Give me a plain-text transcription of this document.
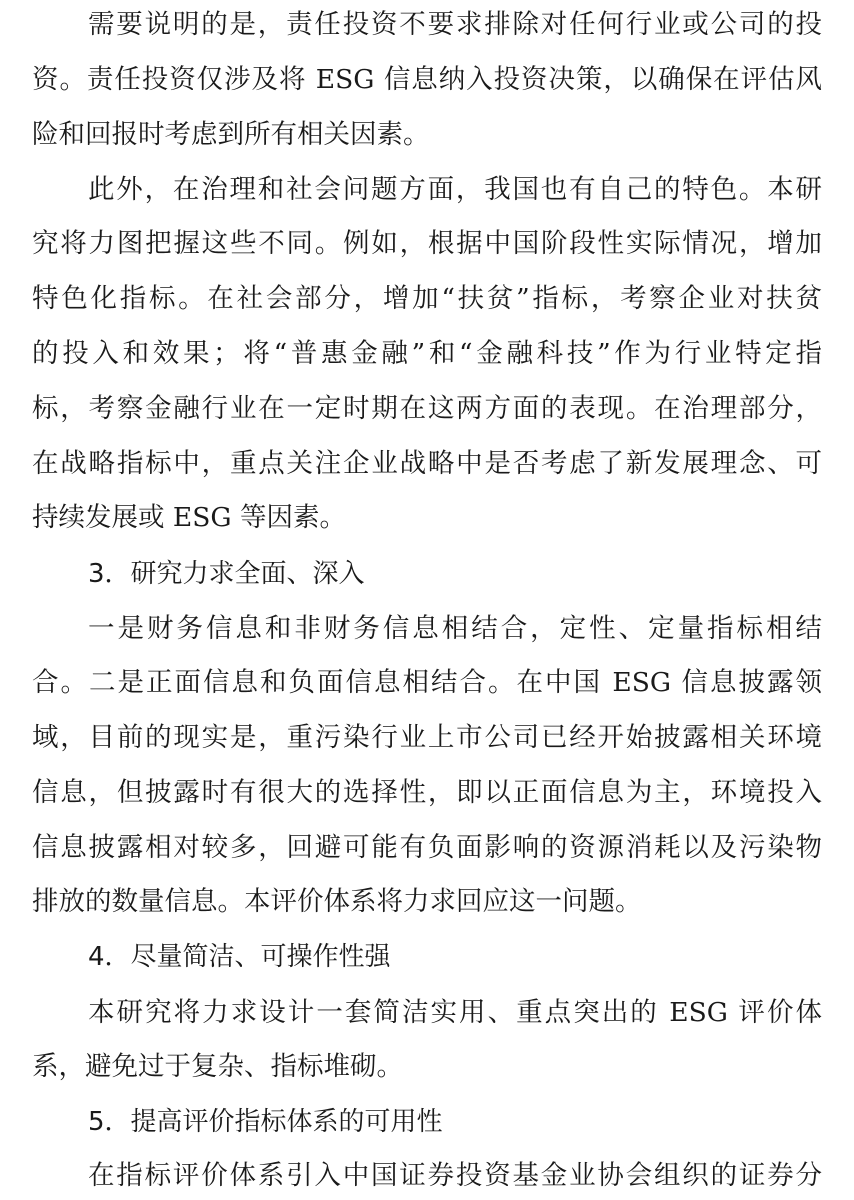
需要说明的是，责任投资不要求排除对任何行业或公司的投
资。责任投资仅涉及将 ESG 信息纳入投资决策，以确保在评估风
险和回报时考虑到所有相关因素。
此外，在治理和社会问题方面，我国也有自己的特色。本研
究将力图把握这些不同。例如，根据中国阶段性实际情况，增加
特色化指标。在社会部分，增加“扶贫”指标，考察企业对扶贫
的投入和效果；将“普惠金融”和“金融科技”作为行业特定指
标，考察金融行业在一定时期在这两方面的表现。在治理部分，
在战略指标中，重点关注企业战略中是否考虑了新发展理念、可
持续发展或 ESG 等因素。
3．研究力求全面、深入
一是财务信息和非财务信息相结合，定性、定量指标相结
合。二是正面信息和负面信息相结合。在中国 ESG 信息披露领
域，目前的现实是，重污染行业上市公司已经开始披露相关环境
信息，但披露时有很大的选择性，即以正面信息为主，环境投入
信息披露相对较多，回避可能有负面影响的资源消耗以及污染物
排放的数量信息。本评价体系将力求回应这一问题。
4．尽量简洁、可操作性强
本研究将力求设计一套简洁实用、重点突出的 ESG 评价体
系，避免过于复杂、指标堆砌。
5．提高评价指标体系的可用性
在指标评价体系引入中国证券投资基金业协会组织的证券分
